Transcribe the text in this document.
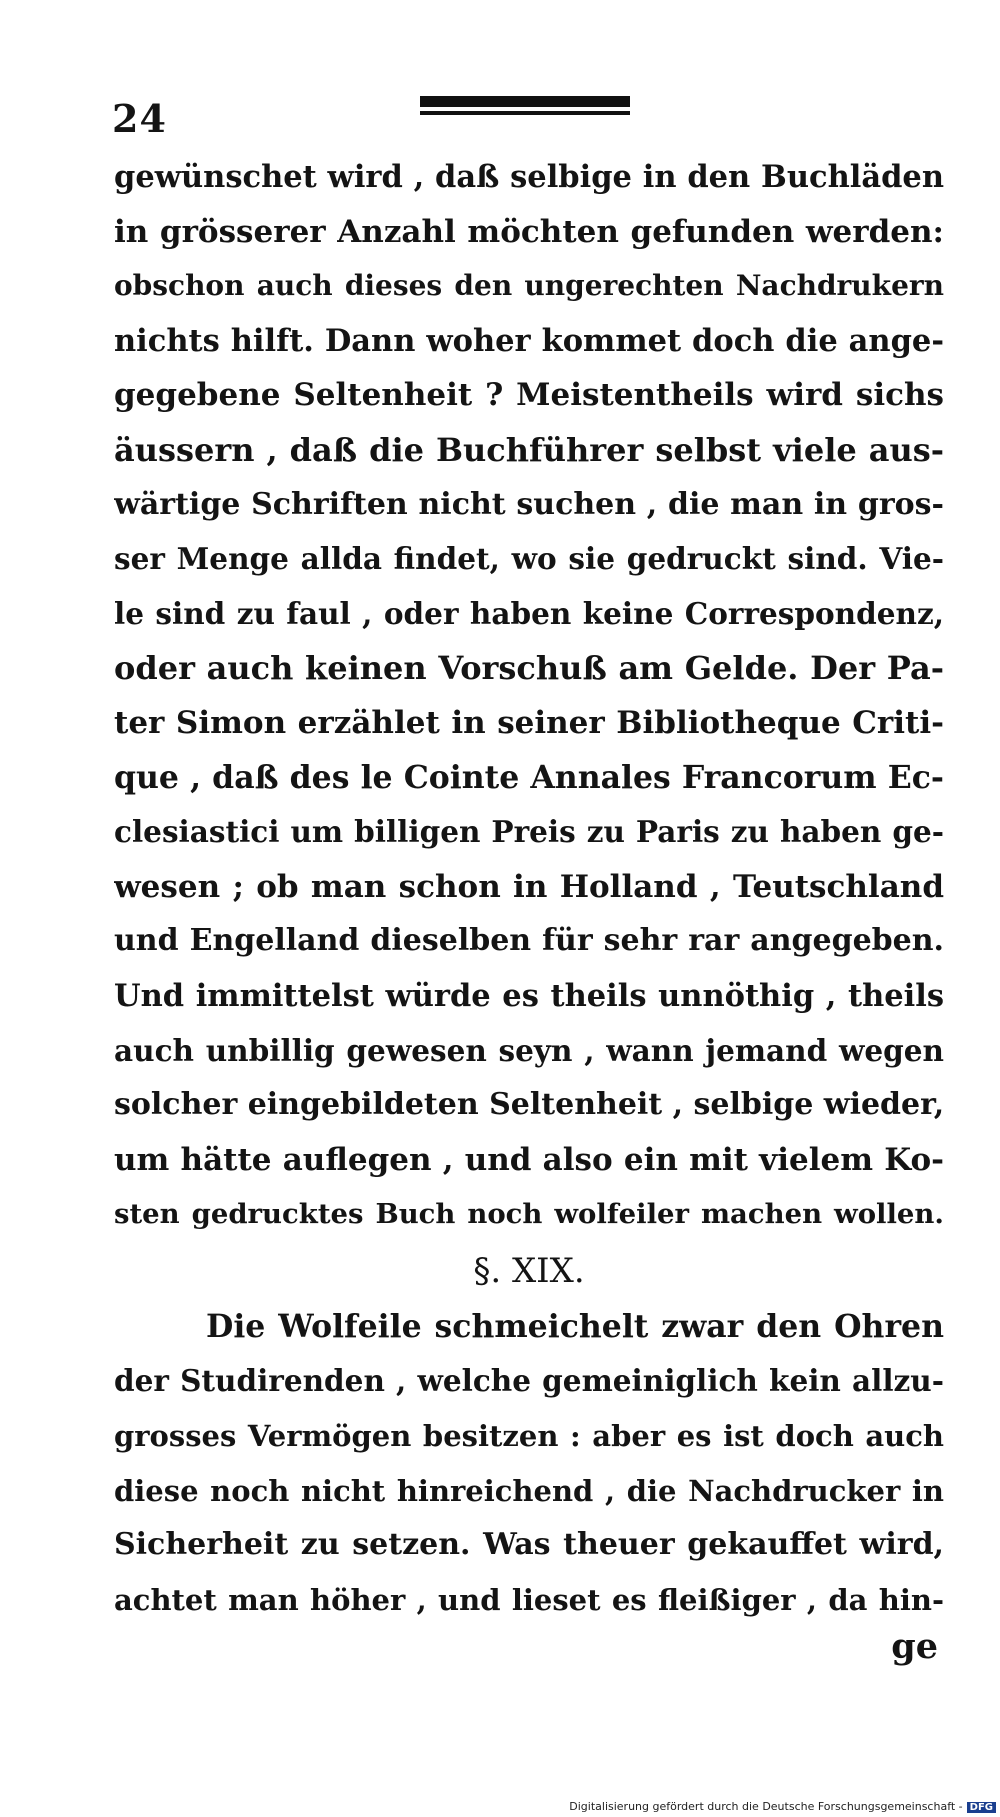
24
gewünschet wird , daß selbige in den Buchläden
in grösserer Anzahl möchten gefunden werden:
obschon auch dieses den ungerechten Nachdrukern
nichts hilft. Dann woher kommet doch die ange-
gegebene Seltenheit ? Meistentheils wird sichs
äussern , daß die Buchführer selbst viele aus-
wärtige Schriften nicht suchen , die man in gros-
ser Menge allda findet, wo sie gedruckt sind. Vie-
le sind zu faul , oder haben keine Correspondenz,
oder auch keinen Vorschuß am Gelde. Der Pa-
ter Simon erzählet in seiner Bibliotheque Criti-
que , daß des le Cointe Annales Francorum Ec-
clesiastici um billigen Preis zu Paris zu haben ge-
wesen ; ob man schon in Holland , Teutschland
und Engelland dieselben für sehr rar angegeben.
Und immittelst würde es theils unnöthig , theils
auch unbillig gewesen seyn , wann jemand wegen
solcher eingebildeten Seltenheit , selbige wieder,
um hätte auflegen , und also ein mit vielem Ko-
sten gedrucktes Buch noch wolfeiler machen wollen.
§. XIX.
Die Wolfeile schmeichelt zwar den Ohren
der Studirenden , welche gemeiniglich kein allzu-
grosses Vermögen besitzen : aber es ist doch auch
diese noch nicht hinreichend , die Nachdrucker in
Sicherheit zu setzen. Was theuer gekauffet wird,
achtet man höher , und lieset es fleißiger , da hin-
ge
Digitalisierung gefördert durch die Deutsche Forschungsgemeinschaft - DFG
